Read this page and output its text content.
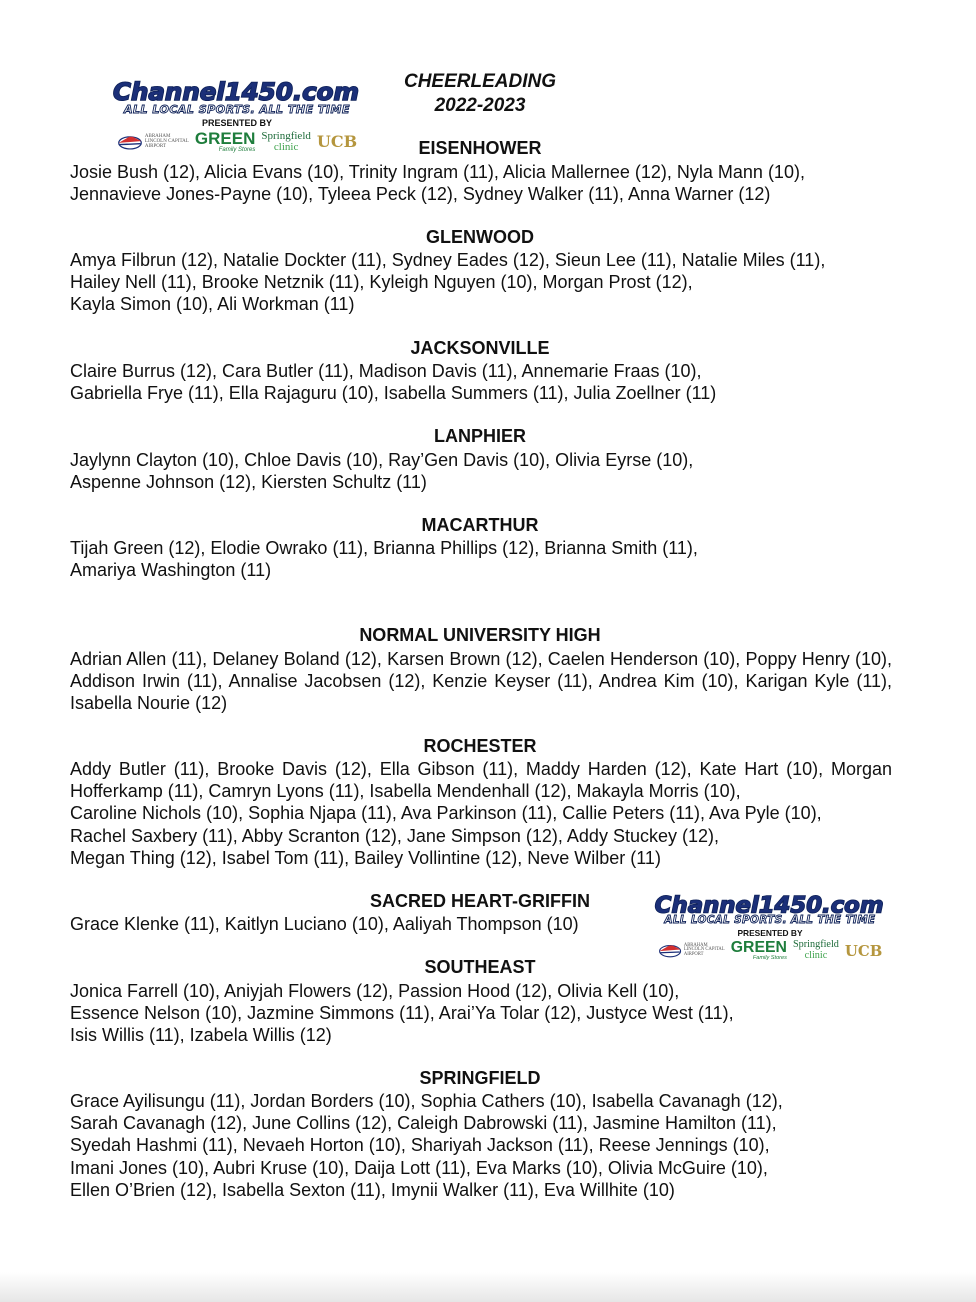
Channel1450.com
ALL LOCAL SPORTS. ALL THE TIME
PRESENTED BY
ABRAHAM LINCOLN CAPITAL AIRPORT	GREEN
Family Stores
Springfield
clinic	UCB
CHEERLEADING
2022-2023
EISENHOWER

Josie Bush (12), Alicia Evans (10), Trinity Ingram (11), Alicia Mallernee (12), Nyla Mann (10),
Jennavieve Jones-Payne (10), Tyleea Peck (12), Sydney Walker (11), Anna Warner (12)

GLENWOOD

Amya Filbrun (12), Natalie Dockter (11), Sydney Eades (12), Sieun Lee (11), Natalie Miles (11),
Hailey Nell (11), Brooke Netznik (11), Kyleigh Nguyen (10), Morgan Prost (12),
Kayla Simon (10), Ali Workman (11)

JACKSONVILLE

Claire Burrus (12), Cara Butler (11), Madison Davis (11), Annemarie Fraas (10),
Gabriella Frye (11), Ella Rajaguru (10), Isabella Summers (11), Julia Zoellner (11)

LANPHIER

Jaylynn Clayton (10), Chloe Davis (10), Ray’Gen Davis (10), Olivia Eyrse (10),
Aspenne Johnson (12), Kiersten Schultz (11)

MACARTHUR

Tijah Green (12), Elodie Owrako (11), Brianna Phillips (12), Brianna Smith (11),
Amariya Washington (11)

NORMAL UNIVERSITY HIGH

Adrian Allen (11), Delaney Boland (12), Karsen Brown (12), Caelen Henderson (10), Poppy Henry (10), Addison Irwin (11), Annalise Jacobsen (12), Kenzie Keyser (11), Andrea Kim (10), Karigan Kyle (11), Isabella Nourie (12)

ROCHESTER

Addy Butler (11), Brooke Davis (12), Ella Gibson (11), Maddy Harden (12), Kate Hart (10), Morgan Hofferkamp (11), Camryn Lyons (11), Isabella Mendenhall (12), Makayla Morris (10),
Caroline Nichols (10), Sophia Njapa (11), Ava Parkinson (11), Callie Peters (11), Ava Pyle (10),
Rachel Saxbery (11), Abby Scranton (12), Jane Simpson (12), Addy Stuckey (12),
Megan Thing (12), Isabel Tom (11), Bailey Vollintine (12), Neve Wilber (11)

SACRED HEART-GRIFFIN

Grace Klenke (11), Kaitlyn Luciano (10), Aaliyah Thompson (10)

Channel1450.com
ALL LOCAL SPORTS. ALL THE TIME
PRESENTED BY
ABRAHAM LINCOLN CAPITAL AIRPORT	GREEN
Family Stores
Springfield
clinic	UCB
SOUTHEAST

Jonica Farrell (10), Aniyjah Flowers (12), Passion Hood (12), Olivia Kell (10),
Essence Nelson (10), Jazmine Simmons (11), Arai’Ya Tolar (12), Justyce West (11),
Isis Willis (11), Izabela Willis (12)

SPRINGFIELD

Grace Ayilisungu (11), Jordan Borders (10), Sophia Cathers (10), Isabella Cavanagh (12),
Sarah Cavanagh (12), June Collins (12), Caleigh Dabrowski (11), Jasmine Hamilton (11),
Syedah Hashmi (11), Nevaeh Horton (10), Shariyah Jackson (11), Reese Jennings (10),
Imani Jones (10), Aubri Kruse (10), Daija Lott (11), Eva Marks (10), Olivia McGuire (10),
Ellen O’Brien (12), Isabella Sexton (11), Imynii Walker (11), Eva Willhite (10)
